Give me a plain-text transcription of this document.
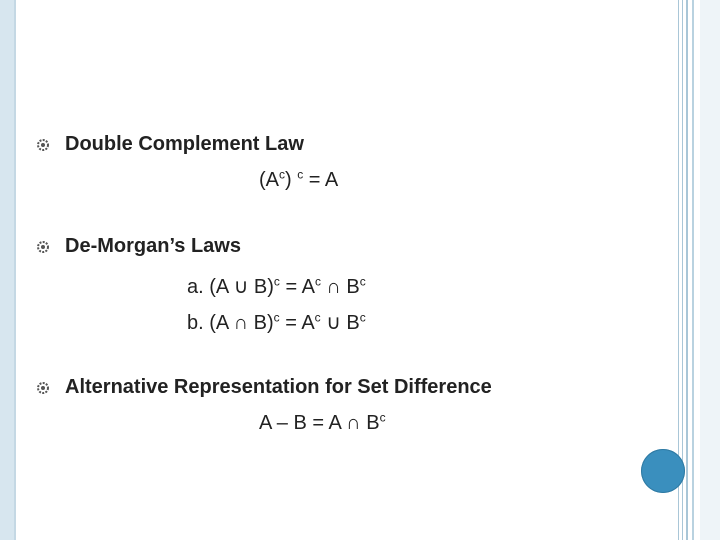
Double Complement Law
$(A^c) ^c = A$
De-Morgan’s Laws
a. (A ∪ $B)^c = A^c$ ∩ $B^c$
b. (A ∩ $B)^c = A^c$ ∪ $B^c$
Alternative Representation for Set Difference
A – B = A ∩ $B^c$
